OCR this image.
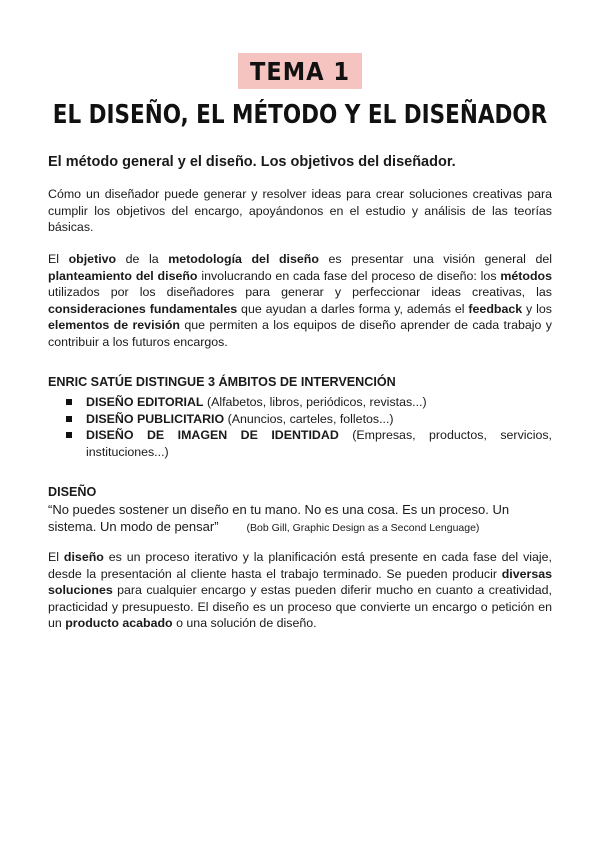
TEMA 1
EL DISEÑO, EL MÉTODO Y EL DISEÑADOR
El método general y el diseño. Los objetivos del diseñador.

Cómo un diseñador puede generar y resolver ideas para crear soluciones creativas para cumplir los objetivos del encargo, apoyándonos en el estudio y análisis de las teorías básicas.

El objetivo de la metodología del diseño es presentar una visión general del planteamiento del diseño involucrando en cada fase del proceso de diseño: los métodos utilizados por los diseñadores para generar y perfeccionar ideas creativas, las consideraciones fundamentales que ayudan a darles forma y, además el feedback y los elementos de revisión que permiten a los equipos de diseño aprender de cada trabajo y contribuir a los futuros encargos.

ENRIC SATÚE DISTINGUE 3 ÁMBITOS DE INTERVENCIÓN
DISEÑO EDITORIAL (Alfabetos, libros, periódicos, revistas...)
DISEÑO PUBLICITARIO (Anuncios, carteles, folletos...)
DISEÑO DE IMAGEN DE IDENTIDAD (Empresas, productos, servicios, instituciones...)
DISEÑO
“No puedes sostener un diseño en tu mano. No es una cosa. Es un proceso. Un sistema. Un modo de pensar”	(Bob Gill, Graphic Design as a Second Lenguage)

El diseño es un proceso iterativo y la planificación está presente en cada fase del viaje, desde la presentación al cliente hasta el trabajo terminado. Se pueden producir diversas soluciones para cualquier encargo y estas pueden diferir mucho en cuanto a creatividad, practicidad y presupuesto. El diseño es un proceso que convierte un encargo o petición en un producto acabado o una solución de diseño.
